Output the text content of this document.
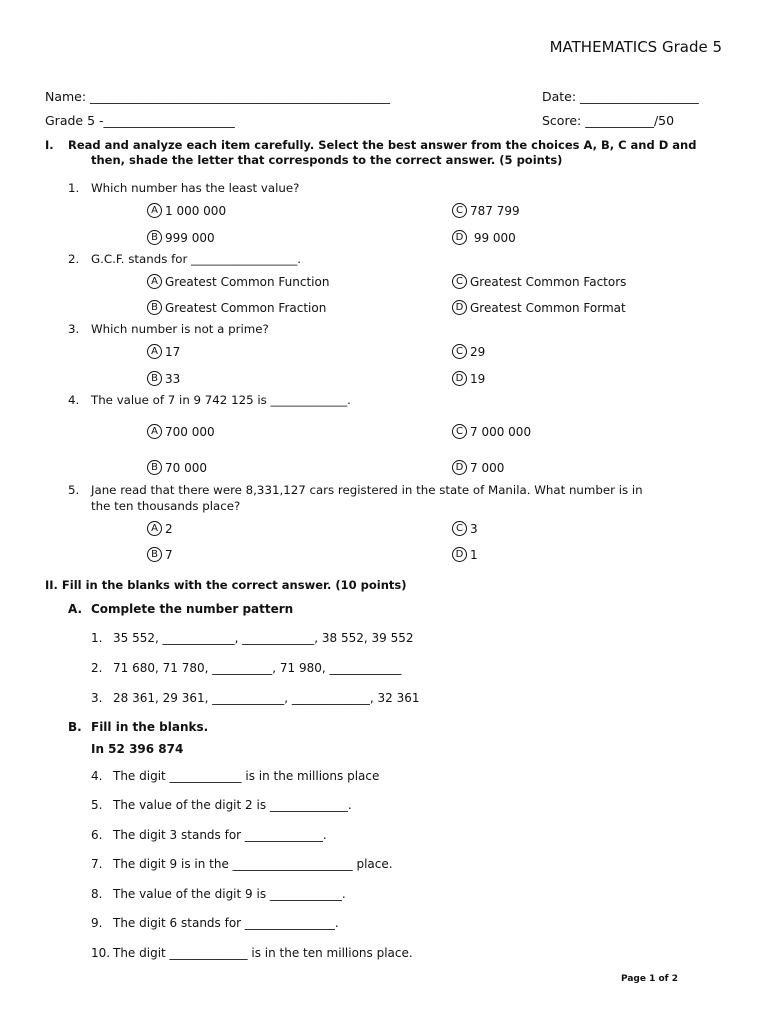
MATHEMATICS Grade 5
Name: ________________________________________________	Date: ___________________
Grade 5 -_____________________	Score: ___________/50
I. Read and analyze each item carefully. Select the best answer from the choices A, B, C and D and
then, shade the letter that corresponds to the correct answer. (5 points)
1. Which number has the least value?
A 1 000 000
B 999 000
C 787 799
D 99 000
2. G.C.F. stands for __________________.
A Greatest Common Function
B Greatest Common Fraction
C Greatest Common Factors
D Greatest Common Format
3. Which number is not a prime?
A 17
B 33
C 29
D 19
4. The value of 7 in 9 742 125 is _____________.
A 700 000
B 70 000
C 7 000 000
D 7 000
5. Jane read that there were 8,331,127 cars registered in the state of Manila. What number is in
the ten thousands place?
A 2
B 7
C 3
D 1
II. Fill in the blanks with the correct answer. (10 points)
A. Complete the number pattern
1. 35 552, ____________, ____________, 38 552, 39 552
2. 71 680, 71 780, __________, 71 980, ____________
3. 28 361, 29 361, ____________, _____________, 32 361
B. Fill in the blanks.
In 52 396 874
4. The digit ____________ is in the millions place
5. The value of the digit 2 is _____________.
6. The digit 3 stands for _____________.
7. The digit 9 is in the ____________________ place.
8. The value of the digit 9 is ____________.
9. The digit 6 stands for _______________.
10. The digit _____________ is in the ten millions place.
Page 1 of 2
